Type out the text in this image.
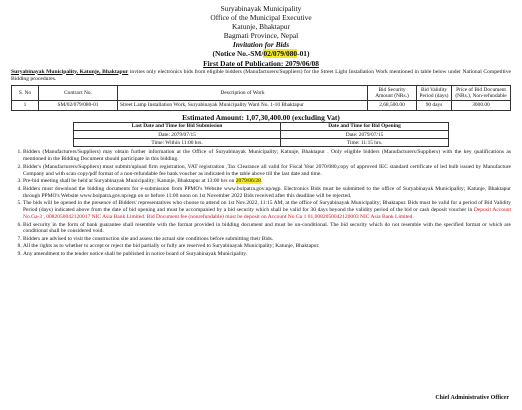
Suryabinayak Municipality
Office of the Municipal Executive
Katunje, Bhaktapur
Bagmati Province, Nepal
Invitation for Bids
(Notice No.-SM/02/079/080-01)
First Date of Publication: 2079/06/08
Suryabinayak Municipality, Katunje, Bhaktapur invites only electronics bids from eligible bidders (Manufacturers/Suppliers) for the Street Light Installation Work mentioned in table below under National Competitive Bidding procedures.
S. No	Contract No.	Description of Work	Bid Security Amount (NRs.)	Bid Validity Period (days)	Price of Bid Document (NRs.), Non-refundable
1	SM/02/079/080-01	Street Lamp Installation Work, Suryabinayak Municipality Ward No. 1-10 Bhaktapur	2,68,500.00	90 days	3000.00
Estimated Amount: 1,07,30,400.00 (excluding Vat)
Last Date and Time for Bid Submission	Date and Time for Bid Opening
Date: 2079/07/15	Date: 2079/07/15
Time: Within 11:00 hrs.	Time: 11:15 hrs.
1. Bidders (Manufacturers/Suppliers) may obtain further information at the Office of Suryabinayak Municipality; Katunje, Bhaktapur . Only eligible bidders (Manufacturers/Suppliers) with the key qualifications as mentioned in the Bidding Document should participate in this bidding.
2. Bidder's (Manufacturers/Suppliers) must submit/upload firm registration, VAT registration ,Tax Clearance all valid for Fiscal Year 2070/080,copy of approved IEC standard certificate of led bulb issued by Manufacture Company and with scan copy/pdf format of a non-refundable fee bank voucher as indicated in the table above till the last date and time.
3. Pre-bid meeting shall be held at Suryabinayak Municipality; Katunje, Bhaktapur at 13:00 hrs on 2079/06/28.
4. Bidders must download the bidding documents for e-submission from PPMO's Website www.bolpatra.gov.np/egp. Electronics Bids must be submitted to the office of Suryabinayak Municipality; Katunje, Bhaktapur through PPMO's Website www.bolpatra.gov.np/egp on or before 11:00 noon on 1st November 2022 Bids received after this deadline will be rejected.
5. The bids will be opened in the presence of Bidders' representatives who choose to attend on 1st Nov.2022, 11:15 AM, at the office of Suryabinayak Municipality; Bhaktapur. Bids must be valid for a period of Bid Validity Period (days) indicated above from the date of bid opening and must be accompanied by a bid security which shall be valid for 30 days beyond the validity period of the bid or cash deposit voucher in Deposit Account No.Ga-3 , 0082050042120017 NIC Asia Bank Limited. Bid Document fee (nonrefundable) must be deposit on Account No Ga 1 01,0082050042120003 NIC Asia Bank Limited.
6. Bid security in the form of bank guarantee shall resemble with the format provided in bidding document and must be un-conditional. The bid security which do not resemble with the specified format or which are conditional shall be considered void.
7. Bidders are advised to visit the construction site and assess the actual site conditions before submitting their Bids.
8. All the rights as to whether to accept or reject the bid partially or fully are reserved to Suryabinayak Municipality; Katunje, Bhaktapur.
9. Any amendment to the tender notice shall be published in notice board of Suryabinayak Municipality.
Chief Administrative Officer
